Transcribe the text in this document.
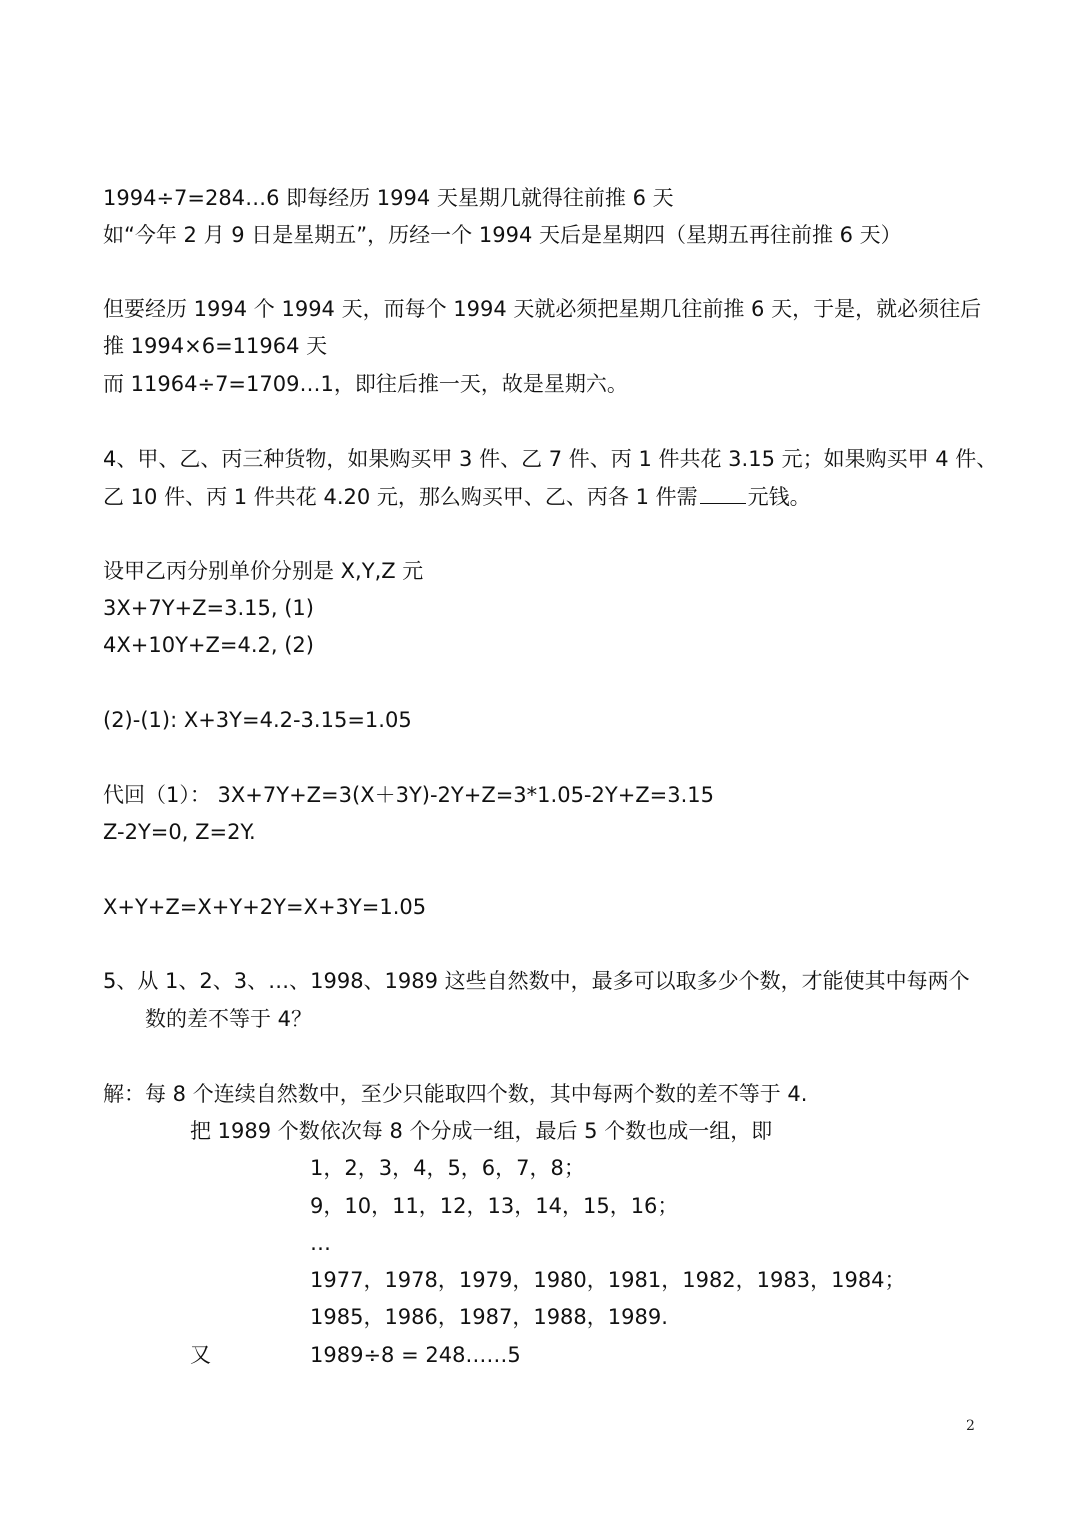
1994÷7=284…6 即每经历 1994 天星期几就得往前推 6 天
如“今年 2 月 9 日是星期五”，历经一个 1994 天后是星期四（星期五再往前推 6 天）
但要经历 1994 个 1994 天，而每个 1994 天就必须把星期几往前推 6 天，于是，就必须往后
推 1994×6=11964 天
而 11964÷7=1709…1，即往后推一天，故是星期六。
4、甲、乙、丙三种货物，如果购买甲 3 件、乙 7 件、丙 1 件共花 3.15 元；如果购买甲 4 件、
乙 10 件、丙 1 件共花 4.20 元，那么购买甲、乙、丙各 1 件需 元钱。
设甲乙丙分别单价分别是 X,Y,Z 元
3X+7Y+Z=3.15, (1)
4X+10Y+Z=4.2, (2)
(2)-(1): X+3Y=4.2-3.15=1.05
代回（1）： 3X+7Y+Z=3(X＋3Y)-2Y+Z=3*1.05-2Y+Z=3.15
Z-2Y=0, Z=2Y.
X+Y+Z=X+Y+2Y=X+3Y=1.05
5、从 1、2、3、…、1998、1989 这些自然数中，最多可以取多少个数，才能使其中每两个
数的差不等于 4？
解：每 8 个连续自然数中，至少只能取四个数，其中每两个数的差不等于 4.
把 1989 个数依次每 8 个分成一组，最后 5 个数也成一组，即
1，2，3，4，5，6，7，8；
9，10，11，12，13，14，15，16；
…
1977，1978，1979，1980，1981，1982，1983，1984；
1985，1986，1987，1988，1989.
又	1989÷8 = 248……5
2
